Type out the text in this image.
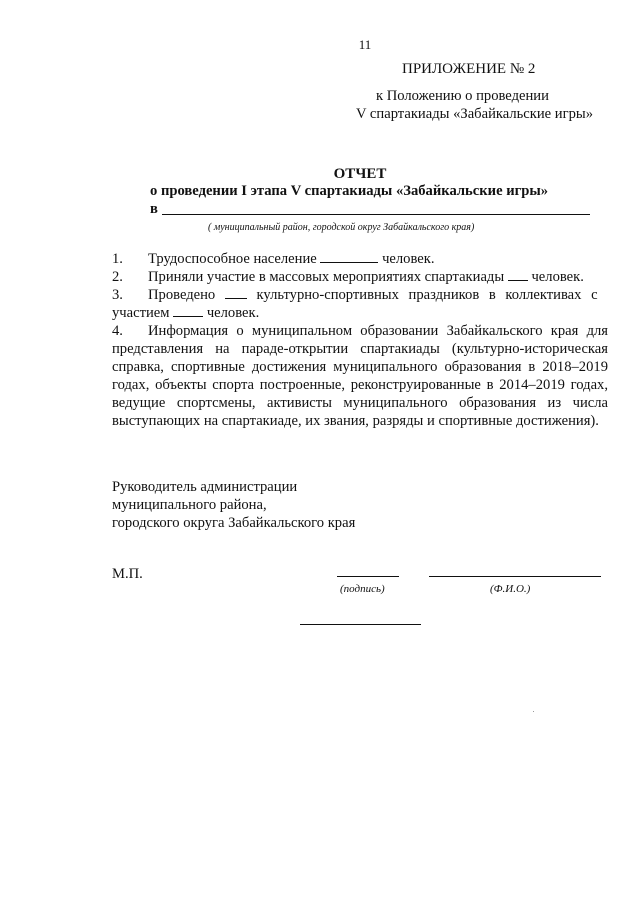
11
ПРИЛОЖЕНИЕ № 2
к Положению о проведении
V спартакиады «Забайкальские игры»
ОТЧЕТ
о проведении I этапа V спартакиады «Забайкальские игры»
в
( муниципальный район, городской округ Забайкальского края)
1. Трудоспособное население	человек.
2. Приняли участие в массовых мероприятиях спартакиады человек.
3. Проведено	культурно-спортивных праздников в коллективах с
участием	человек.
4. Информация о муниципальном образовании Забайкальского края для
представления на параде-открытии спартакиады (культурно-историческая
справка, спортивные достижения муниципального образования в 2018–2019
годах, объекты спорта построенные, реконструированные в 2014–2019 годах,
ведущие спортсмены, активисты муниципального образования из числа
выступающих на спартакиаде, их звания, разряды и спортивные достижения).
Руководитель администрации
муниципального района,
городского округа Забайкальского края
М.П.
(подпись)	(Ф.И.О.)
